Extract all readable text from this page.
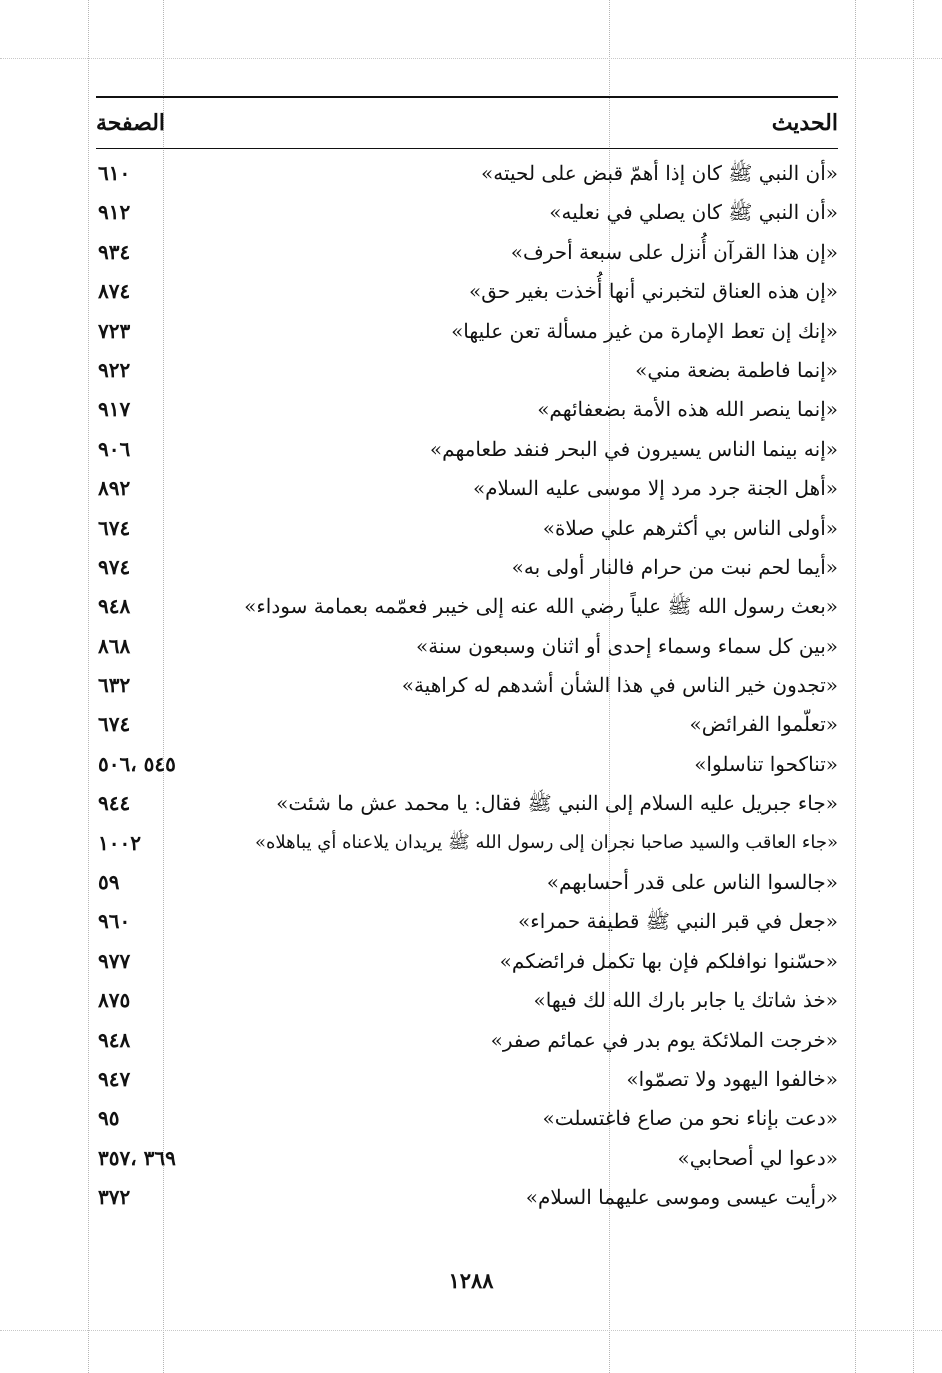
الحديث
الصفحة
«أن النبي ﷺ كان إذا أهمّ قبض على لحيته»
٦١٠
«أن النبي ﷺ كان يصلي في نعليه»
٩١٢
«إن هذا القرآن أُنزل على سبعة أحرف»
٩٣٤
«إن هذه العناق لتخبرني أنها أُخذت بغير حق»
٨٧٤
«إنك إن تعط الإمارة من غير مسألة تعن عليها»
٧٢٣
«إنما فاطمة بضعة مني»
٩٢٢
«إنما ينصر الله هذه الأمة بضعفائهم»
٩١٧
«إنه بينما الناس يسيرون في البحر فنفد طعامهم»
٩٠٦
«أهل الجنة جرد مرد إلا موسى عليه السلام»
٨٩٢
«أولى الناس بي أكثرهم علي صلاة»
٦٧٤
«أيما لحم نبت من حرام فالنار أولى به»
٩٧٤
«بعث رسول الله ﷺ علياً رضي الله عنه إلى خيبر فعمّمه بعمامة سوداء»
٩٤٨
«بين كل سماء وسماء إحدى أو اثنان وسبعون سنة»
٨٦٨
«تجدون خير الناس في هذا الشأن أشدهم له كراهية»
٦٣٢
«تعلّموا الفرائض»
٦٧٤
«تناكحوا تناسلوا»
٥٤٥ ،٥٠٦
«جاء جبريل عليه السلام إلى النبي ﷺ فقال: يا محمد عش ما شئت»
٩٤٤
«جاء العاقب والسيد صاحبا نجران إلى رسول الله ﷺ يريدان يلاعناه أي يباهلاه»
١٠٠٢
«جالسوا الناس على قدر أحسابهم»
٥٩
«جعل في قبر النبي ﷺ قطيفة حمراء»
٩٦٠
«حسّنوا نوافلكم فإن بها تكمل فرائضكم»
٩٧٧
«خذ شاتك يا جابر بارك الله لك فيها»
٨٧٥
«خرجت الملائكة يوم بدر في عمائم صفر»
٩٤٨
«خالفوا اليهود ولا تصمّوا»
٩٤٧
«دعت بإناء نحو من صاع فاغتسلت»
٩٥
«دعوا لي أصحابي»
٣٦٩ ،٣٥٧
«رأيت عيسى وموسى عليهما السلام»
٣٧٢
١٢٨٨
